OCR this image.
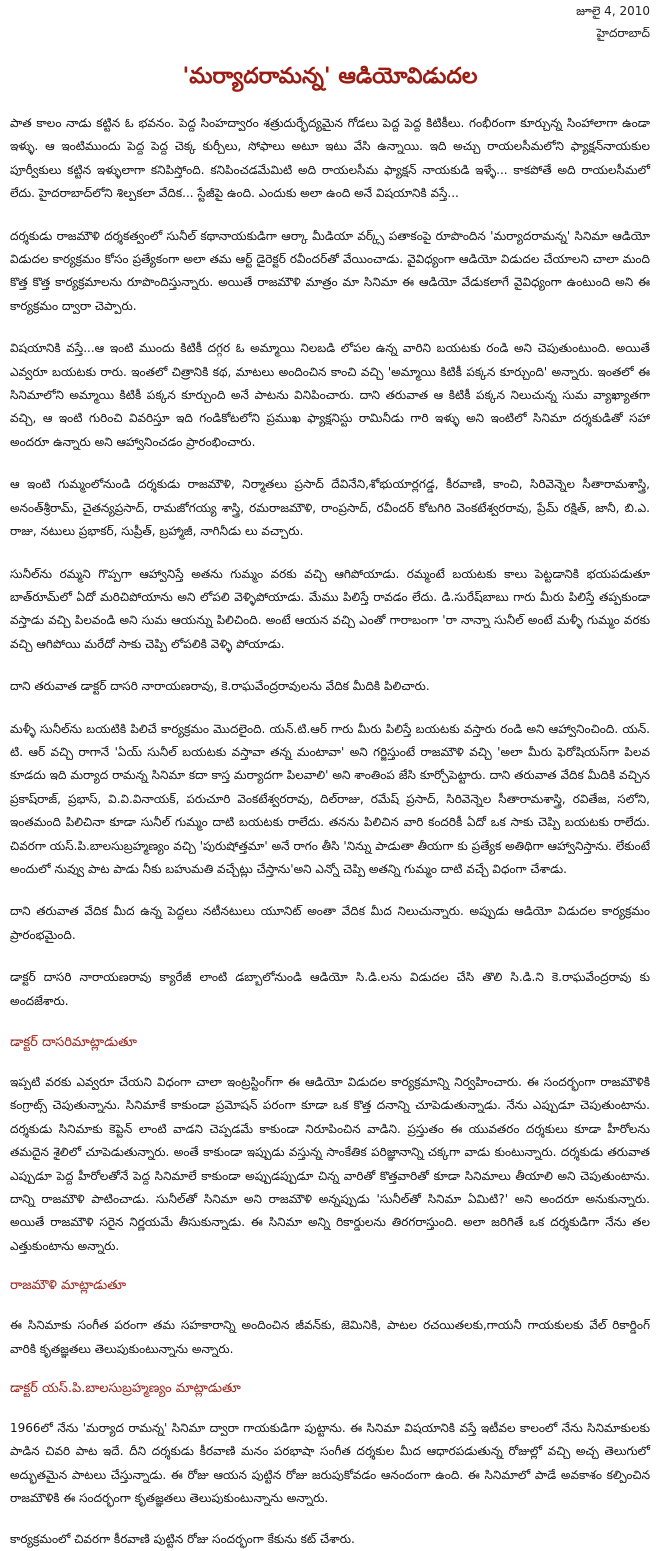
జూలై 4, 2010
హైదరాబాద్
'మర్యాదరామన్న' ఆడియోవిడుదల

పాత కాలం నాడు కట్టిన ఓ భవనం. పెద్ద సింహద్వారం శత్రుదుర్భేద్యమైన గోడలు పెద్ద పెద్ద కిటికీలు. గంభీరంగా కూర్చున్న సింహాలాగా ఉండా ఇళ్ళు. ఆ ఇంటిముందు పెద్ద పెద్ద చెక్క కుర్చీలు, సోఫాలు అటూ ఇటు వేసి ఉన్నాయి. ఇది అచ్చు రాయలసీమలోని ఫ్యాక్షన్‌నాయకుల పూర్వీకులు కట్టిన ఇళ్ళులాగా కనిపిస్తోంది. కనిపించడమేమిటి అది రాయలసీమ ఫ్యాక్షన్ నాయకుడి ఇళ్ళే... కాకపోతే అది రాయలసీమలో లేదు. హైదరాబాద్‌లోని శిల్పకలా వేదిక... స్టేజీపై ఉంది. ఎందుకు అలా ఉంది అనే విషయానికి వస్తే...

దర్శకుడు రాజమౌళి దర్శకత్వంలో సునీల్ కథానాయకుడిగా ఆర్కా మీడియా వర్క్స్ పతాకంపై రూపొందిన 'మర్యాదరామన్న' సినిమా ఆడియో విడుదల కార్యక్రమం కోసం ప్రత్యేకంగా అలా తమ ఆర్ట్ డైరెక్టర్ రవీందర్‌తో వేయించాడు. వైవిధ్యంగా ఆడియో విడుదల చేయాలని చాలా మంది కొత్త కొత్త కార్యక్రమాలను రూపొందిస్తున్నారు. అయితే రాజమౌళి మాత్రం మా సినిమా ఈ ఆడియో వేడుకలాగే వైవిధ్యంగా ఉంటుంది అని ఈ కార్యక్రమం ద్వారా చెప్పారు.

విషయానికి వస్తే...ఆ ఇంటి ముందు కిటికీ దగ్గర ఓ అమ్మాయి నిలబడి లోపల ఉన్న వారిని బయటకు రండి అని చెపుతుంటుంది. అయితే ఎవ్వరూ బయటకు రారు. ఇంతలో చిత్రానికి కథ, మాటలు అందించిన కాంచి వచ్చి 'అమ్మాయి కిటికీ పక్కన కూర్చుంది' అన్నారు. ఇంతలో ఈ సినిమాలోని అమ్మాయి కిటికీ పక్కన కూర్చుంది అనే పాటను వినిపించారు. దాని తరువాత ఆ కిటికీ పక్కన నిలుచున్న సుమ వ్యాఖ్యాతగా వచ్చి, ఆ ఇంటి గురించి వివరిస్తూ ఇది గండికోటలోని ప్రముఖ ఫ్యాక్షనిస్టు రామినీడు గారి ఇళ్ళు అని ఇంటిలో సినిమా దర్శకుడితో సహా అందరూ ఉన్నారు అని ఆహ్వానించడం ప్రారంభించారు.

ఆ ఇంటి గుమ్మంలోనుండి దర్శకుడు రాజమౌళి, నిర్మాతలు ప్రసాద్ దేవినేని,శోభుయార్లగడ్డ, కీరవాణి, కాంచి, సిరివెన్నెల సీతారామశాస్త్రి, అనంత్‌శ్రీరామ్, చైతన్యప్రసాద్, రామజోగయ్య శాస్త్రి, రమరాజమౌళి, రాంప్రసాద్, రవీందర్ కోటగిరి వెంకటేశ్వరరావు, ప్రేమ్ రక్షిత్, జానీ, బి.ఎ. రాజు, నటులు ప్రభాకర్, సుప్రీత్, బ్రహ్మాజీ, నాగినీడు లు వచ్చారు.

సునీల్‌ను రమ్మని గొప్పగా ఆహ్వానిస్తే అతను గుమ్మం వరకు వచ్చి ఆగిపోయాడు. రమ్మంటే బయటకు కాలు పెట్టడానికి భయపడుతూ బాత్‌రూమ్‌లో ఏదో మరిచిపోయాను అని లోపలి వెళ్ళిపోయాడు. మేము పిలిస్తే రావడం లేదు. డి.సురేష్‌బాబు గారు మీరు పిలిస్తే తప్పకుండా వస్తాడు వచ్చి పిలవండి అని సుమ ఆయన్ను పిలిచింది. అంటే ఆయన వచ్చి ఎంతో గారాబంగా 'రా నాన్నా సునీల్ అంటే మళ్ళీ గుమ్మం వరకు వచ్చి ఆగిపోయి మరేదో సాకు చెప్పి లోపలికి వెళ్ళి పోయాడు.

దాని తరువాత డాక్టర్ దాసరి నారాయణరావు, కె.రాఘవేంద్రరావులను వేదిక మీదికి పిలిచారు.

మళ్ళీ సునీల్‌ను బయటికి పిలిచే కార్యక్రమం మొదలైంది. యన్.టి.ఆర్ గారు మీరు పిలిస్తే బయటకు వస్తారు రండి అని ఆహ్వానించింది. యన్. టి. ఆర్ వచ్చి రాగానే 'ఏయ్ సునీల్ బయటకు వస్తావా తన్న మంటావా' అని గర్జిస్తుంటే రాజమౌళి వచ్చి 'అలా మీరు ఫెరోషియస్‌గా పిలవ కూడదు ఇది మర్యాద రామన్న సినిమా కదా కాస్త మర్యాదగా పిలవాలి' అని శాంతింప జేసి కూర్చోపెట్టారు. దాని తరువాత వేదిక మీదికి వచ్చిన ప్రకాష్‌రాజ్, ప్రభాస్, వి.వి.వినాయక్, పరుచూరి వెంకటేశ్వరరావు, దిల్‌రాజు, రమేష్ ప్రసాద్, సిరివెన్నెల సీతారామశాస్త్రి, రవితేజ, సలోని, ఇంతమంది పిలిచినా కూడా సునీల్ గుమ్మం దాటి బయటకు రాలేదు. తనను పిలిచిన వారి కందరికీ ఏదో ఒక సాకు చెప్పి బయటకు రాలేదు. చివరగా యస్.పి.బాలసుబ్రహ్మణ్యం వచ్చి 'పురుషోత్తమా' అనే రాగం తీసి 'నిన్ను పాడుతా తీయగా కు ప్రత్యేక అతిథిగా ఆహ్వానిస్తాను. లేకుంటే అందులో నువ్వు పాట పాడు నీకు బహుమతి వచ్చేట్లు చేస్తాను'అని ఎన్నో చెప్పి అతన్ని గుమ్మం దాటి వచ్చే విధంగా చేశాడు.

దాని తరువాత వేదిక మీద ఉన్న పెద్దలు నటీనటులు యూనిట్ అంతా వేదిక మీద నిలుచున్నారు. అప్పుడు ఆడియో విడుదల కార్యక్రమం ప్రారంభమైంది.

డాక్టర్ దాసరి నారాయణరావు క్యారేజీ లాంటి డబ్బాలోనుండి ఆడియో సి.డి.లను విడుదల చేసి తొలి సి.డి.ని కె.రాఘవేంద్రరావు కు అందజేశారు.

డాక్టర్ దాసరిమాట్లాడుతూ

ఇప్పటి వరకు ఎవ్వరూ చేయని విధంగా చాలా ఇంట్రస్టింగ్‌గా ఈ ఆడియో విడుదల కార్యక్రమాన్ని నిర్వహించారు. ఈ సందర్భంగా రాజమౌళికి కంగ్రాట్స్ చెపుతున్నాను. సినిమాకే కాకుండా ప్రమోషన్ పరంగా కూడా ఒక కొత్త దనాన్ని చూపెడుతున్నాడు. నేను ఎప్పుడూ చెపుతుంటాను. దర్శకుడు సినిమాకు కెప్టెన్ లాంటి వాడని చెప్పడమే కాకుండా నిరూపించిన వాడిని. ప్రస్తుతం ఈ యువతరం దర్శకులు కూడా హీరోలను తమదైన శైలిలో చూపెడుతున్నారు. అంతే కాకుండా ఇప్పుడు వస్తున్న సాంకేతిక పరిజ్ఞానాన్ని చక్కగా వాడు కుంటున్నారు. దర్శకుడు తరువాత ఎప్పుడూ పెద్ద హీరోలతోనే పెద్ద సినిమాలే కాకుండా అప్పుడప్పుడూ చిన్న వారితో కొత్తవారితో కూడా సినిమాలు తీయాలి అని చెపుతుంటాను. దాన్ని రాజమౌళి పాటించాడు. సునీల్‌తో సినిమా అని రాజమౌళి అన్నప్పుడు 'సునీల్‌తో సినిమా ఏమిటి?' అని అందరూ అనుకున్నారు. అయితే రాజమౌళి సరైన నిర్ణయమే తీసుకున్నాడు. ఈ సినిమా అన్ని రికార్డులను తిరగరాస్తుంది. అలా జరిగితే ఒక దర్శకుడిగా నేను తల ఎత్తుకుంటాను అన్నారు.

రాజమౌళి మాట్లాడుతూ

ఈ సినిమాకు సంగీత పరంగా తమ సహకారాన్ని అందించిన జీవన్‌కు, జెమినికి, పాటల రచయితలకు,గాయనీ గాయకులకు వేల్ రికార్డింగ్ వారికి కృతజ్ఞతలు తెలుపుకుంటున్నాను అన్నారు.

డాక్టర్ యస్.పి.బాలసుబ్రహ్మణ్యం మాట్లాడుతూ

1966లో నేను 'మర్యాద రామన్న' సినిమా ద్వారా గాయకుడిగా పుట్టాను. ఈ సినిమా విషయానికి వస్తే ఇటీవల కాలంలో నేను సినిమాకులకు పాడిన చివరి పాట ఇదే. దీని దర్శకుడు కీరవాణి మనం పరభాషా సంగీత దర్శకుల మీద ఆధారపడుతున్న రోజుల్లో వచ్చి అచ్చ తెలుగులో అద్భుతమైన పాటలు చేస్తున్నాడు. ఈ రోజు ఆయన పుట్టిన రోజు జరుపుకోవడం ఆనందంగా ఉంది. ఈ సినిమాలో పాడే అవకాశం కల్పించిన రాజమౌళికి ఈ సందర్భంగా కృతజ్ఞతలు తెలుపుకుంటున్నాను అన్నారు.

కార్యక్రమంలో చివరగా కీరవాణి పుట్టిన రోజు సందర్భంగా కేకును కట్ చేశారు.
